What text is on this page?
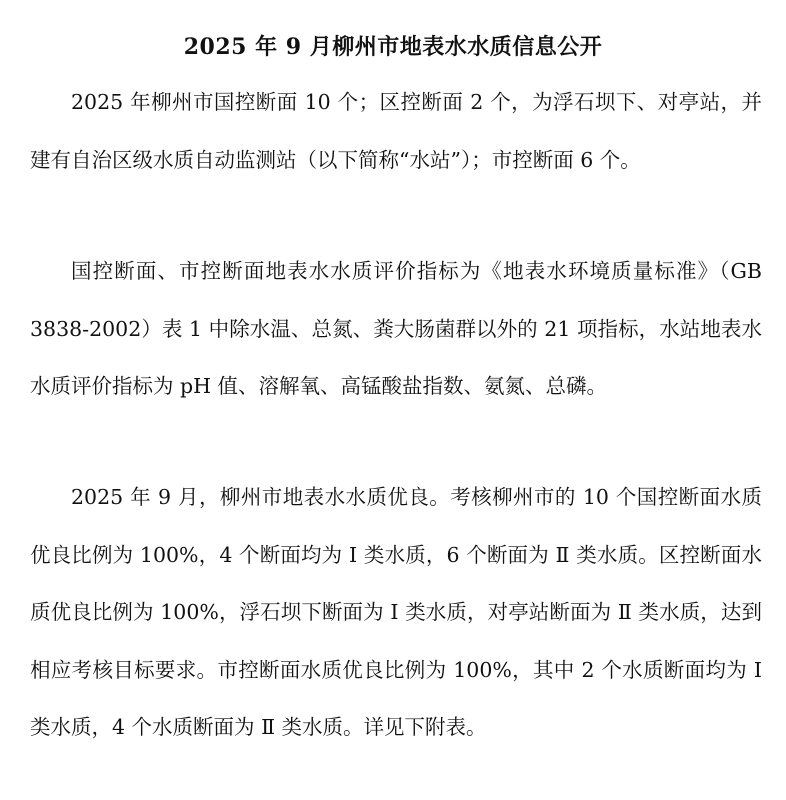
2025 年 9 月柳州市地表水水质信息公开

2025 年柳州市国控断面 10 个；区控断面 2 个，为浮石坝下、对亭站，并建有自治区级水质自动监测站（以下简称“水站”）；市控断面 6 个。

国控断面、市控断面地表水水质评价指标为《地表水环境质量标准》（GB 3838-2002）表 1 中除水温、总氮、粪大肠菌群以外的 21 项指标，水站地表水水质评价指标为 pH 值、溶解氧、高锰酸盐指数、氨氮、总磷。

2025 年 9 月，柳州市地表水水质优良。考核柳州市的 10 个国控断面水质优良比例为 100%，4 个断面均为 Ⅰ 类水质，6 个断面为 Ⅱ 类水质。区控断面水质优良比例为 100%，浮石坝下断面为 Ⅰ 类水质，对亭站断面为 Ⅱ 类水质，达到相应考核目标要求。市控断面水质优良比例为 100%，其中 2 个水质断面均为 Ⅰ 类水质，4 个水质断面为 Ⅱ 类水质。详见下附表。
